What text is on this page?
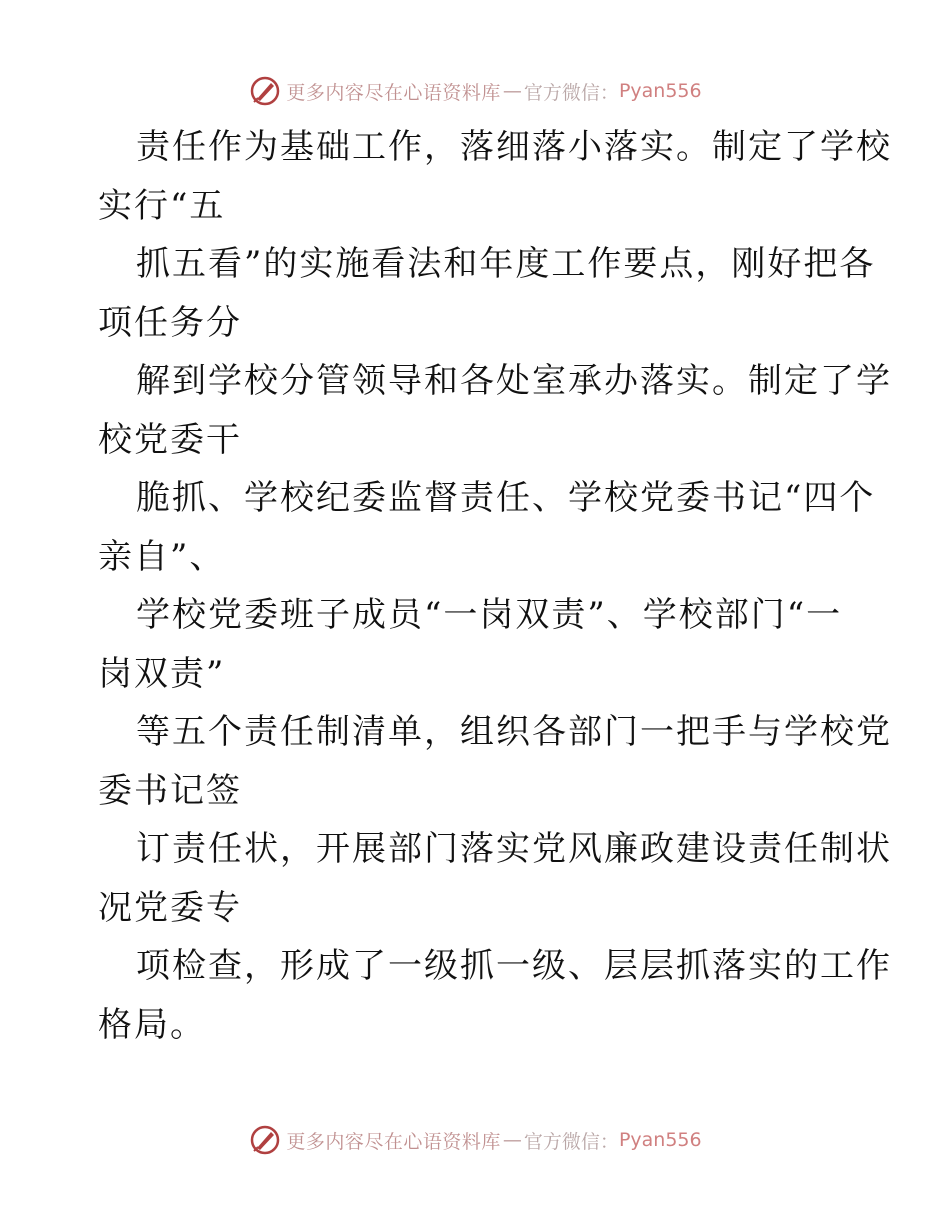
更多内容尽在心语资料库 — 官方微信： Pyan556
责任作为基础工作，落细落小落实。制定了学校
实行“五
抓五看”的实施看法和年度工作要点，刚好把各
项任务分
解到学校分管领导和各处室承办落实。制定了学
校党委干
脆抓、学校纪委监督责任、学校党委书记“四个
亲自”、
学校党委班子成员“一岗双责”、学校部门“一
岗双责”
等五个责任制清单，组织各部门一把手与学校党
委书记签
订责任状，开展部门落实党风廉政建设责任制状
况党委专
项检查，形成了一级抓一级、层层抓落实的工作
格局。
更多内容尽在心语资料库 — 官方微信： Pyan556
